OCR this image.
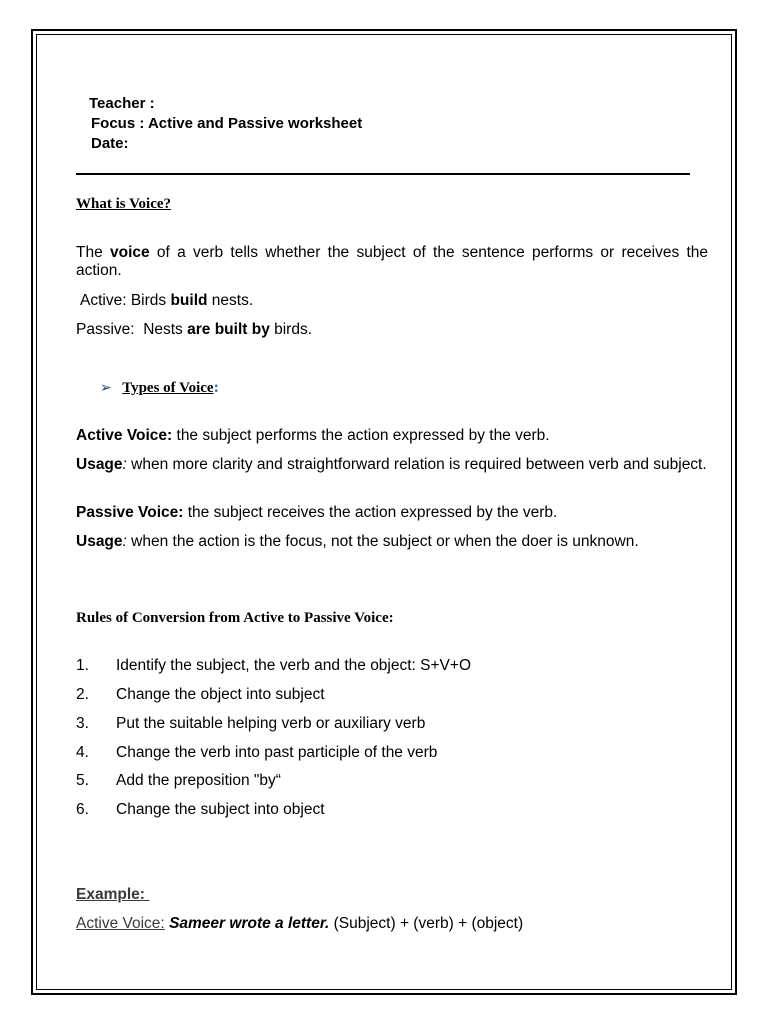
Teacher :
Focus : Active and Passive worksheet
Date:
What is Voice?
The voice of a verb tells whether the subject of the sentence performs or receives the action.
Active: Birds build nests.
Passive:  Nests are built by birds.
➢ Types of Voice:
Active Voice: the subject performs the action expressed by the verb.
Usage: when more clarity and straightforward relation is required between verb and subject.
Passive Voice: the subject receives the action expressed by the verb.
Usage: when the action is the focus, not the subject or when the doer is unknown.
Rules of Conversion from Active to Passive Voice:
1.	Identify the subject, the verb and the object: S+V+O
2.	Change the object into subject
3.	Put the suitable helping verb or auxiliary verb
4.	Change the verb into past participle of the verb
5.	Add the preposition "by“
6.	Change the subject into object
Example:
Active Voice: Sameer wrote a letter. (Subject) + (verb) + (object)
